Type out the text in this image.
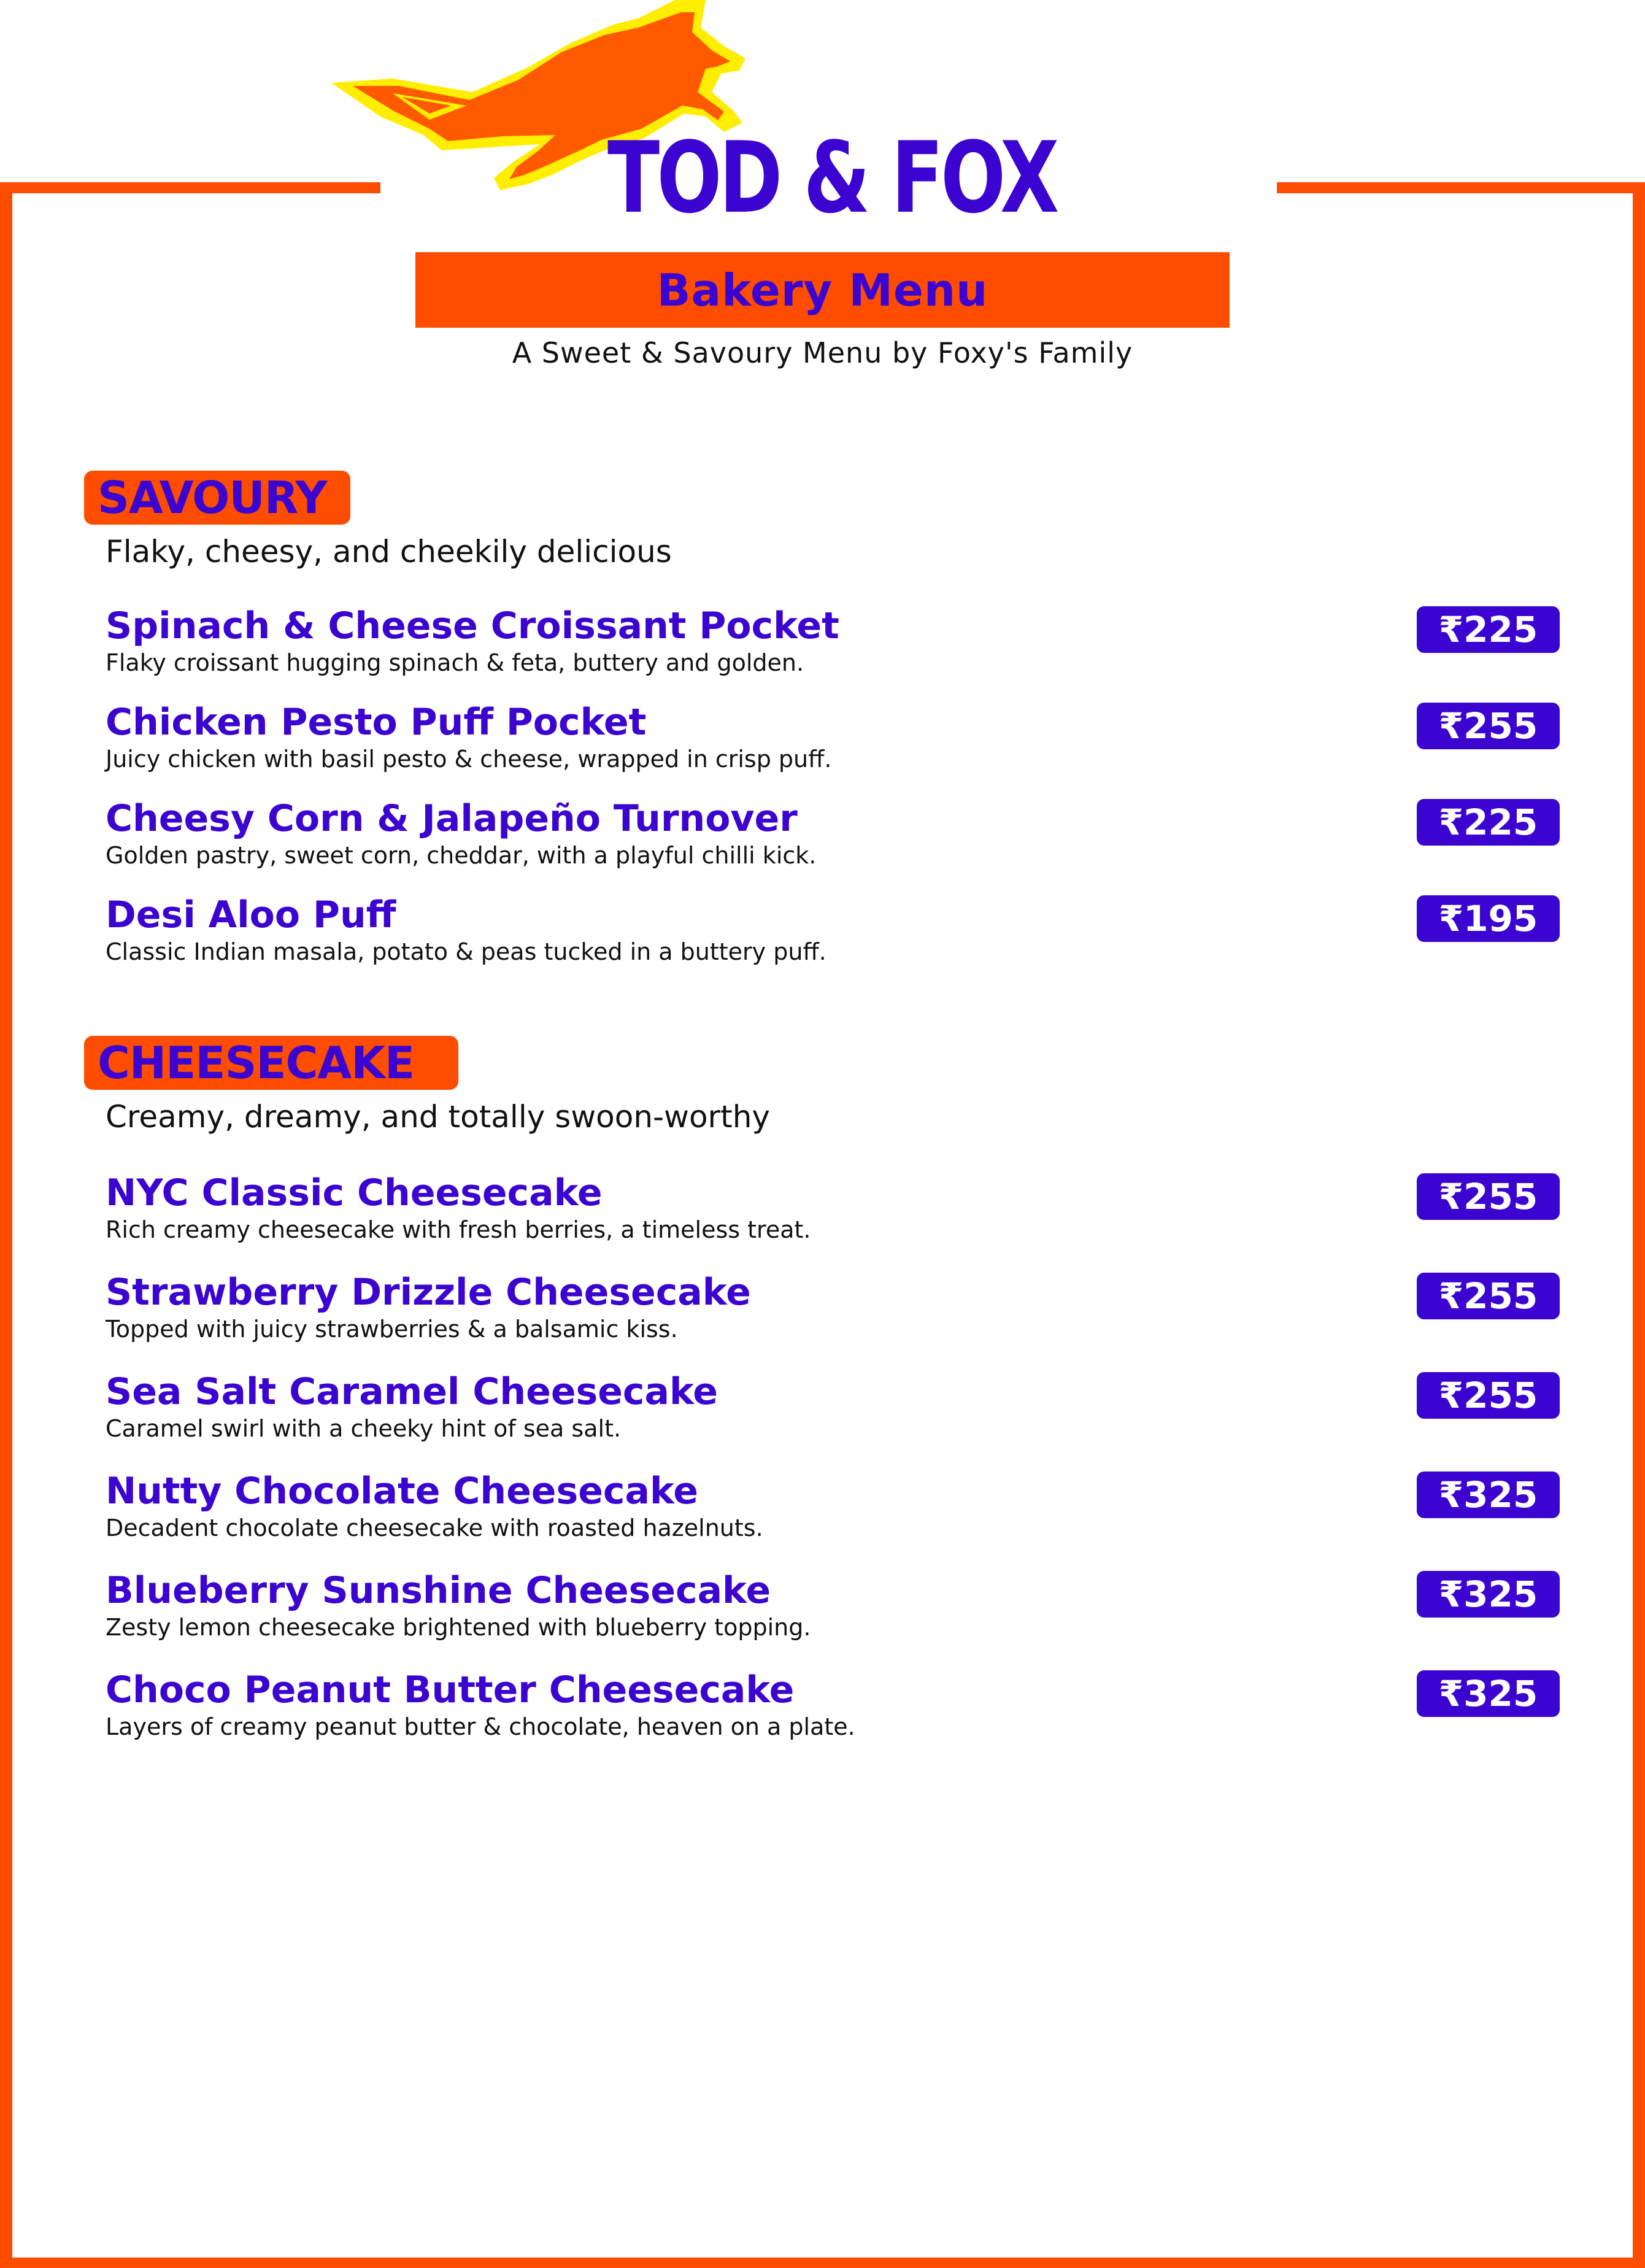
TOD & FOX
Bakery Menu
A Sweet & Savoury Menu by Foxy's Family
SAVOURY
Flaky, cheesy, and cheekily delicious
Spinach & Cheese Croissant Pocket
Flaky croissant hugging spinach & feta, buttery and golden.
₹225
Chicken Pesto Puff Pocket
Juicy chicken with basil pesto & cheese, wrapped in crisp puff.
₹255
Cheesy Corn & Jalapeño Turnover
Golden pastry, sweet corn, cheddar, with a playful chilli kick.
₹225
Desi Aloo Puff
Classic Indian masala, potato & peas tucked in a buttery puff.
₹195
CHEESECAKE
Creamy, dreamy, and totally swoon-worthy
NYC Classic Cheesecake
Rich creamy cheesecake with fresh berries, a timeless treat.
₹255
Strawberry Drizzle Cheesecake
Topped with juicy strawberries & a balsamic kiss.
₹255
Sea Salt Caramel Cheesecake
Caramel swirl with a cheeky hint of sea salt.
₹255
Nutty Chocolate Cheesecake
Decadent chocolate cheesecake with roasted hazelnuts.
₹325
Blueberry Sunshine Cheesecake
Zesty lemon cheesecake brightened with blueberry topping.
₹325
Choco Peanut Butter Cheesecake
Layers of creamy peanut butter & chocolate, heaven on a plate.
₹325
